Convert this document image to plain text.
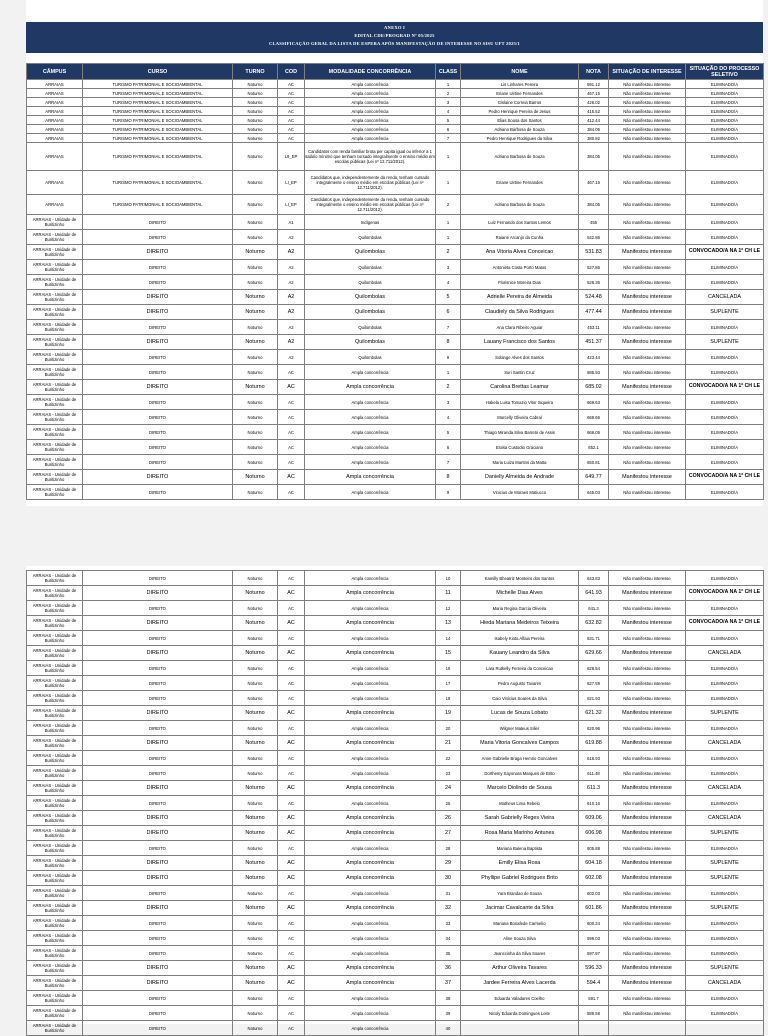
ANEXO I
EDITAL CDE/PROGRAD Nº 05/2025
CLASSIFICAÇÃO GERAL DA LISTA DE ESPERA APÓS MANIFESTAÇÃO DE INTERESSE NO SISU UFT 2025/1
CÂMPUS	CURSO	TURNO	COD	MODALIDADE CONCORRÊNCIA	CLASS	NOME	NOTA	SITUAÇÃO DE INTERESSE	SITUAÇÃO DO PROCESSO SELETIVO
ARRAIAS	TURISMO PATRIMONIAL E SOCIOAMBIENTAL	Noturno	AC	Ampla concorrência	1	Lis Linhares Pereira	591.12	Não manifestou interesse	ELIMINADO/A
ARRAIAS	TURISMO PATRIMONIAL E SOCIOAMBIENTAL	Noturno	AC	Ampla concorrência	2	Eriane Uirtine Fernandes	467.15	Não manifestou interesse	ELIMINADO/A
ARRAIAS	TURISMO PATRIMONIAL E SOCIOAMBIENTAL	Noturno	AC	Ampla concorrência	3	Gislaine Correia Barros	426.02	Não manifestou interesse	ELIMINADO/A
ARRAIAS	TURISMO PATRIMONIAL E SOCIOAMBIENTAL	Noturno	AC	Ampla concorrência	4	Pedro Henrique Pereira de Jesus	415.52	Não manifestou interesse	ELIMINADO/A
ARRAIAS	TURISMO PATRIMONIAL E SOCIOAMBIENTAL	Noturno	AC	Ampla concorrência	5	Elias Sousa dos Santos	412.44	Não manifestou interesse	ELIMINADO/A
ARRAIAS	TURISMO PATRIMONIAL E SOCIOAMBIENTAL	Noturno	AC	Ampla concorrência	6	Adriano Barbosa de Souza	384.05	Não manifestou interesse	ELIMINADO/A
ARRAIAS	TURISMO PATRIMONIAL E SOCIOAMBIENTAL	Noturno	AC	Ampla concorrência	7	Pedro Henrique Rodrigues da Silva	380.82	Não manifestou interesse	ELIMINADO/A
ARRAIAS	TURISMO PATRIMONIAL E SOCIOAMBIENTAL	Noturno	L9_EP	Candidatos com renda familiar bruta per capita igual ou inferior a 1 salário mínimo que tenham cursado integralmente o ensino médio em escolas públicas (Lei nº 12.711/2012).	1	Adriano Barbosa de Souza	384.05	Não manifestou interesse	ELIMINADO/A
ARRAIAS	TURISMO PATRIMONIAL E SOCIOAMBIENTAL	Noturno	LI_EP	Candidatos que, independentemente da renda, tenham cursado integralmente o ensino médio em escolas públicas (Lei nº 12.711/2012).	1	Eriane Uirtine Fernandes	467.15	Não manifestou interesse	ELIMINADO/A
ARRAIAS	TURISMO PATRIMONIAL E SOCIOAMBIENTAL	Noturno	LI_EP	Candidatos que, independentemente da renda, tenham cursado integralmente o ensino médio em escolas públicas (Lei nº 12.711/2012).	2	Adriano Barbosa de Souza	384.05	Não manifestou interesse	ELIMINADO/A
ARRAIAS - Unidade de Buritizinho	DIREITO	Noturno	A1	Indígenas	1	Luiz Fernando dos Santos Lemos	455	Não manifestou interesse	ELIMINADO/A
ARRAIAS - Unidade de Buritizinho	DIREITO	Noturno	A2	Quilombolas	1	Raiane Arcanjo da Cunha	542.86	Não manifestou interesse	ELIMINADO/A
ARRAIAS - Unidade de Buritizinho	DIREITO	Noturno	A2	Quilombolas	2	Ana Vitoria Alves Conceicao	531.83	Manifestou interesse	CONVOCADO/A NA 1ª CH LE
ARRAIAS - Unidade de Buritizinho	DIREITO	Noturno	A2	Quilombolas	3	Antonieta Costa Porto Matos	527.86	Não manifestou interesse	ELIMINADO/A
ARRAIAS - Unidade de Buritizinho	DIREITO	Noturno	A2	Quilombolas	4	Florisnice Moreira Dias	526.36	Não manifestou interesse	ELIMINADO/A
ARRAIAS - Unidade de Buritizinho	DIREITO	Noturno	A2	Quilombolas	5	Adrielle Pereira de Almeida	524.48	Manifestou interesse	CANCELADA
ARRAIAS - Unidade de Buritizinho	DIREITO	Noturno	A2	Quilombolas	6	Claudiely da Silva Rodrigues	477.44	Manifestou interesse	SUPLENTE
ARRAIAS - Unidade de Buritizinho	DIREITO	Noturno	A2	Quilombolas	7	Ana Clara Ribeiro Aguiar	453.11	Não manifestou interesse	ELIMINADO/A
ARRAIAS - Unidade de Buritizinho	DIREITO	Noturno	A2	Quilombolas	8	Lauany Francisco dos Santos	451.37	Manifestou interesse	SUPLENTE
ARRAIAS - Unidade de Buritizinho	DIREITO	Noturno	A2	Quilombolas	9	Solange Alves dos Santos	423.44	Não manifestou interesse	ELIMINADO/A
ARRAIAS - Unidade de Buritizinho	DIREITO	Noturno	AC	Ampla concorrência	1	Suri Santin Cruz	685.93	Não manifestou interesse	ELIMINADO/A
ARRAIAS - Unidade de Buritizinho	DIREITO	Noturno	AC	Ampla concorrência	2	Carolina Brettas Leamar	685.02	Manifestou interesse	CONVOCADO/A NA 1ª CH LE
ARRAIAS - Unidade de Buritizinho	DIREITO	Noturno	AC	Ampla concorrência	3	Hakela Luisa Tomazio Vitor Siqueira	669.63	Não manifestou interesse	ELIMINADO/A
ARRAIAS - Unidade de Buritizinho	DIREITO	Noturno	AC	Ampla concorrência	4	Marcelly Oliveira Cabral	668.66	Não manifestou interesse	ELIMINADO/A
ARRAIAS - Unidade de Buritizinho	DIREITO	Noturno	AC	Ampla concorrência	5	Thiago Miranda Silva Barreto de Assis	666.05	Não manifestou interesse	ELIMINADO/A
ARRAIAS - Unidade de Buritizinho	DIREITO	Noturno	AC	Ampla concorrência	6	Eloisa Custodio Graciano	652.1	Não manifestou interesse	ELIMINADO/A
ARRAIAS - Unidade de Buritizinho	DIREITO	Noturno	AC	Ampla concorrência	7	Maria Luiza Martins da Matta	650.81	Não manifestou interesse	ELIMINADO/A
ARRAIAS - Unidade de Buritizinho	DIREITO	Noturno	AC	Ampla concorrência	8	Danielly Almeida de Andrade	649.77	Manifestou interesse	CONVOCADO/A NA 1ª CH LE
ARRAIAS - Unidade de Buritizinho	DIREITO	Noturno	AC	Ampla concorrência	9	Vinicius de Moraes Matiucco	645.03	Não manifestou interesse	ELIMINADO/A
ARRAIAS - Unidade de Buritizinho	DIREITO	Noturno	AC	Ampla concorrência	10	Kamilly Bheatriz Monteiro dos Santos	643.83	Não manifestou interesse	ELIMINADO/A
ARRAIAS - Unidade de Buritizinho	DIREITO	Noturno	AC	Ampla concorrência	11	Michelle Dias Alves	641.93	Manifestou interesse	CONVOCADO/A NA 1ª CH LE
ARRAIAS - Unidade de Buritizinho	DIREITO	Noturno	AC	Ampla concorrência	12	Maria Regina Garcia Oliveira	641.3	Não manifestou interesse	ELIMINADO/A
ARRAIAS - Unidade de Buritizinho	DIREITO	Noturno	AC	Ampla concorrência	13	Hieda Mariana Medeiros Teixeira	632.82	Manifestou interesse	CONVOCADO/A NA 1ª CH LE
ARRAIAS - Unidade de Buritizinho	DIREITO	Noturno	AC	Ampla concorrência	14	Isabely Kiota Alfaia Pereira	631.71	Não manifestou interesse	ELIMINADO/A
ARRAIAS - Unidade de Buritizinho	DIREITO	Noturno	AC	Ampla concorrência	15	Kauany Leandro da Silva	629.66	Manifestou interesse	CANCELADA
ARRAIAS - Unidade de Buritizinho	DIREITO	Noturno	AC	Ampla concorrência	16	Lara Rutkelly Ferreira da Conceicao	628.54	Não manifestou interesse	ELIMINADO/A
ARRAIAS - Unidade de Buritizinho	DIREITO	Noturno	AC	Ampla concorrência	17	Pedro Augusto Tavares	627.59	Não manifestou interesse	ELIMINADO/A
ARRAIAS - Unidade de Buritizinho	DIREITO	Noturno	AC	Ampla concorrência	18	Caio Vinicius Soares da Silva	621.93	Não manifestou interesse	ELIMINADO/A
ARRAIAS - Unidade de Buritizinho	DIREITO	Noturno	AC	Ampla concorrência	19	Lucas de Souza Lobato	621.32	Manifestou interesse	SUPLENTE
ARRAIAS - Unidade de Buritizinho	DIREITO	Noturno	AC	Ampla concorrência	20	Wilgner Mateus Silier	620.96	Não manifestou interesse	ELIMINADO/A
ARRAIAS - Unidade de Buritizinho	DIREITO	Noturno	AC	Ampla concorrência	21	Maria Vitoria Goncalves Campos	619.88	Manifestou interesse	CANCELADA
ARRAIAS - Unidade de Buritizinho	DIREITO	Noturno	AC	Ampla concorrência	22	Anne Gabrielle Braga Hemrio Goncalves	616.93	Não manifestou interesse	ELIMINADO/A
ARRAIAS - Unidade de Buritizinho	DIREITO	Noturno	AC	Ampla concorrência	23	Dorthemy Sayonara Marques de Brito	611.48	Não manifestou interesse	ELIMINADO/A
ARRAIAS - Unidade de Buritizinho	DIREITO	Noturno	AC	Ampla concorrência	24	Marcelo Diolindo de Sousa	611.3	Manifestou interesse	CANCELADA
ARRAIAS - Unidade de Buritizinho	DIREITO	Noturno	AC	Ampla concorrência	25	Matheus Lima Rebelo	610.16	Não manifestou interesse	ELIMINADO/A
ARRAIAS - Unidade de Buritizinho	DIREITO	Noturno	AC	Ampla concorrência	26	Sarah Gabrielly Reges Vieira	609.06	Manifestou interesse	CANCELADA
ARRAIAS - Unidade de Buritizinho	DIREITO	Noturno	AC	Ampla concorrência	27	Rosa Maria Marinho Antunes	606.98	Manifestou interesse	SUPLENTE
ARRAIAS - Unidade de Buritizinho	DIREITO	Noturno	AC	Ampla concorrência	28	Mariana Balena Baptista	605.88	Não manifestou interesse	ELIMINADO/A
ARRAIAS - Unidade de Buritizinho	DIREITO	Noturno	AC	Ampla concorrência	29	Emilly Elisa Rosa	604.18	Manifestou interesse	SUPLENTE
ARRAIAS - Unidade de Buritizinho	DIREITO	Noturno	AC	Ampla concorrência	30	Phyllipe Gabriel Rodrigues Brito	602.08	Manifestou interesse	SUPLENTE
ARRAIAS - Unidade de Buritizinho	DIREITO	Noturno	AC	Ampla concorrência	31	Yara Brandao de Sousa	602.03	Não manifestou interesse	ELIMINADO/A
ARRAIAS - Unidade de Buritizinho	DIREITO	Noturno	AC	Ampla concorrência	32	Jacimar Cavalcante da Silva	601.86	Manifestou interesse	SUPLENTE
ARRAIAS - Unidade de Buritizinho	DIREITO	Noturno	AC	Ampla concorrência	33	Mariana Bonafede Carmelio	600.24	Não manifestou interesse	ELIMINADO/A
ARRAIAS - Unidade de Buritizinho	DIREITO	Noturno	AC	Ampla concorrência	34	Aline Souza Silva	599.03	Não manifestou interesse	ELIMINADO/A
ARRAIAS - Unidade de Buritizinho	DIREITO	Noturno	AC	Ampla concorrência	35	Jeanccinha da Silva Soares	597.97	Não manifestou interesse	ELIMINADO/A
ARRAIAS - Unidade de Buritizinho	DIREITO	Noturno	AC	Ampla concorrência	36	Arthur Oliveira Tavares	596.33	Manifestou interesse	SUPLENTE
ARRAIAS - Unidade de Buritizinho	DIREITO	Noturno	AC	Ampla concorrência	37	Jardee Ferreira Alves Lacerda	594.4	Manifestou interesse	CANCELADA
ARRAIAS - Unidade de Buritizinho	DIREITO	Noturno	AC	Ampla concorrência	38	Eduarda Valadares Coelho	591.7	Não manifestou interesse	ELIMINADO/A
ARRAIAS - Unidade de Buritizinho	DIREITO	Noturno	AC	Ampla concorrência	39	Nicoly Eduarda Domingues Leite	589.58	Não manifestou interesse	ELIMINADO/A
ARRAIAS - Unidade de Buritizinho	DIREITO	Noturno	AC	Ampla concorrência	40				
